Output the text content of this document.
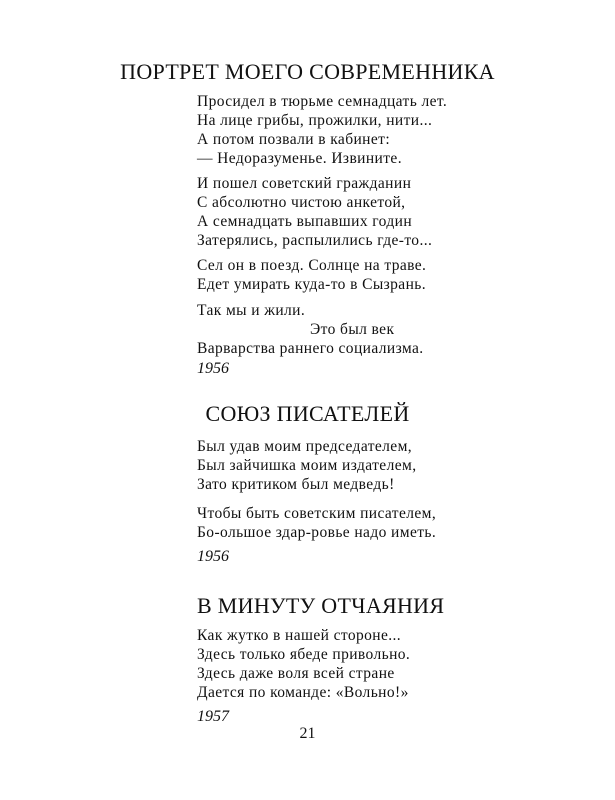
ПОРТРЕТ МОЕГО СОВРЕМЕННИКА
Просидел в тюрьме семнадцать лет.
На лице грибы, прожилки, нити...
А потом позвали в кабинет:
— Недоразуменье. Извините.
И пошел советский гражданин
С абсолютно чистою анкетой,
А семнадцать выпавших годин
Затерялись, распылились где-то...
Сел он в поезд. Солнце на траве.
Едет умирать куда-то в Сызрань.
Так мы и жили.
Это был век
Варварства раннего социализма.
1956
СОЮЗ ПИСАТЕЛЕЙ
Был удав моим председателем,
Был зайчишка моим издателем,
Зато критиком был медведь!
Чтобы быть советским писателем,
Бо-ольшое здар-ровье надо иметь.
1956
В МИНУТУ ОТЧАЯНИЯ
Как жутко в нашей стороне...
Здесь только ябеде привольно.
Здесь даже воля всей стране
Дается по команде: «Вольно!»
1957
21
